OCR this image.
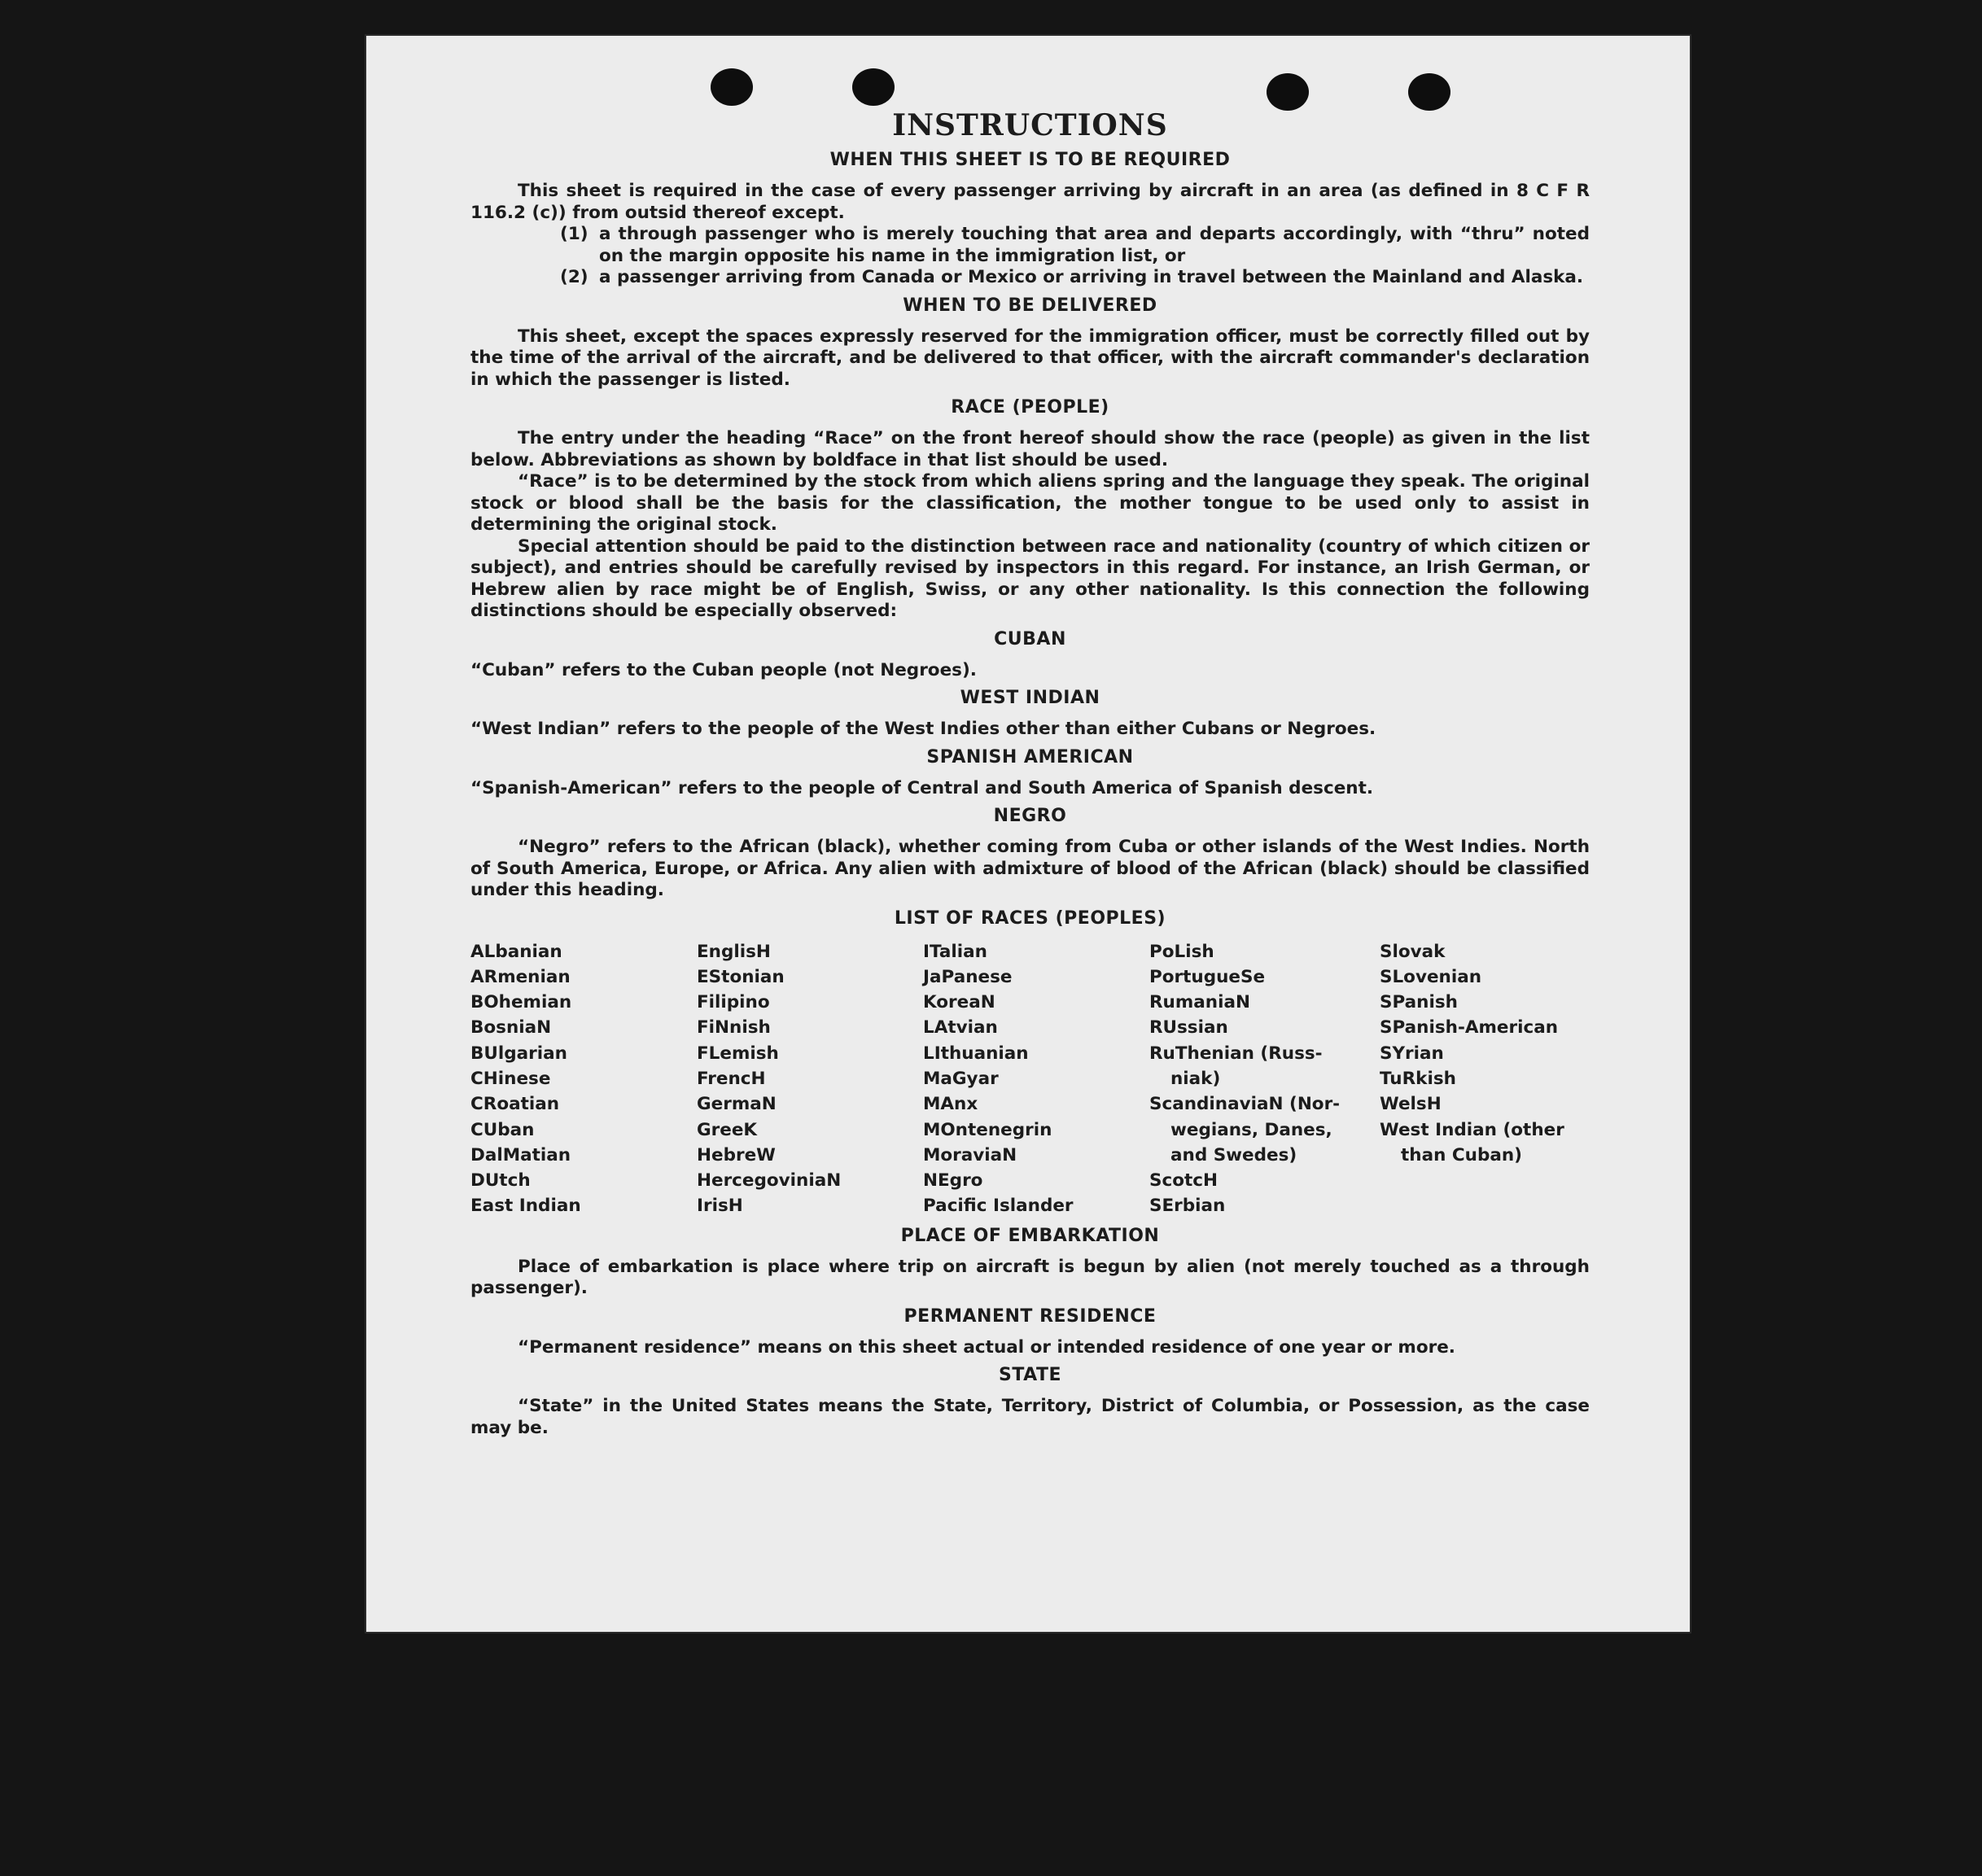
INSTRUCTIONS
WHEN THIS SHEET IS TO BE REQUIRED

This sheet is required in the case of every passenger arriving by aircraft in an area (as defined in 8 C F R 116.2 (c)) from outsid thereof except.

(1) a through passenger who is merely touching that area and departs accordingly, with “thru” noted on the margin opposite his name in the immigration list, or
(2) a passenger arriving from Canada or Mexico or arriving in travel between the Mainland and Alaska.
WHEN TO BE DELIVERED

This sheet, except the spaces expressly reserved for the immigration officer, must be correctly filled out by the time of the arrival of the aircraft, and be delivered to that officer, with the aircraft commander's declaration in which the passenger is listed.

RACE (PEOPLE)

The entry under the heading “Race” on the front hereof should show the race (people) as given in the list below. Abbreviations as shown by boldface in that list should be used.

“Race” is to be determined by the stock from which aliens spring and the language they speak. The original stock or blood shall be the basis for the classification, the mother tongue to be used only to assist in determining the original stock.

Special attention should be paid to the distinction between race and nationality (country of which citizen or subject), and entries should be carefully revised by inspectors in this regard. For instance, an Irish German, or Hebrew alien by race might be of English, Swiss, or any other nationality. Is this connection the following distinctions should be especially observed:

CUBAN

“Cuban” refers to the Cuban people (not Negroes).

WEST INDIAN

“West Indian” refers to the people of the West Indies other than either Cubans or Negroes.

SPANISH AMERICAN

“Spanish-American” refers to the people of Central and South America of Spanish descent.

NEGRO

“Negro” refers to the African (black), whether coming from Cuba or other islands of the West Indies. North of South America, Europe, or Africa. Any alien with admixture of blood of the African (black) should be classified under this heading.

LIST OF RACES (PEOPLES)
ALbanian
ARmenian
BOhemian
BosniaN
BUlgarian
CHinese
CRoatian
CUban
DalMatian
DUtch
East Indian
EnglisH
EStonian
Filipino
FiNnish
FLemish
FrencH
GermaN
GreeK
HebreW
HercegoviniaN
IrisH
ITalian
JaPanese
KoreaN
LAtvian
LIthuanian
MaGyar
MAnx
MOntenegrin
MoraviaN
NEgro
Pacific Islander
PoLish
PortugueSe
RumaniaN
RUssian
RuThenian (Russ-
niak)
ScandinaviaN (Nor-
wegians, Danes,
and Swedes)
ScotcH
SErbian
Slovak
SLovenian
SPanish
SPanish-American
SYrian
TuRkish
WelsH
West Indian (other
than Cuban)
PLACE OF EMBARKATION

Place of embarkation is place where trip on aircraft is begun by alien (not merely touched as a through passenger).

PERMANENT RESIDENCE

“Permanent residence” means on this sheet actual or intended residence of one year or more.

STATE

“State” in the United States means the State, Territory, District of Columbia, or Possession, as the case may be.
